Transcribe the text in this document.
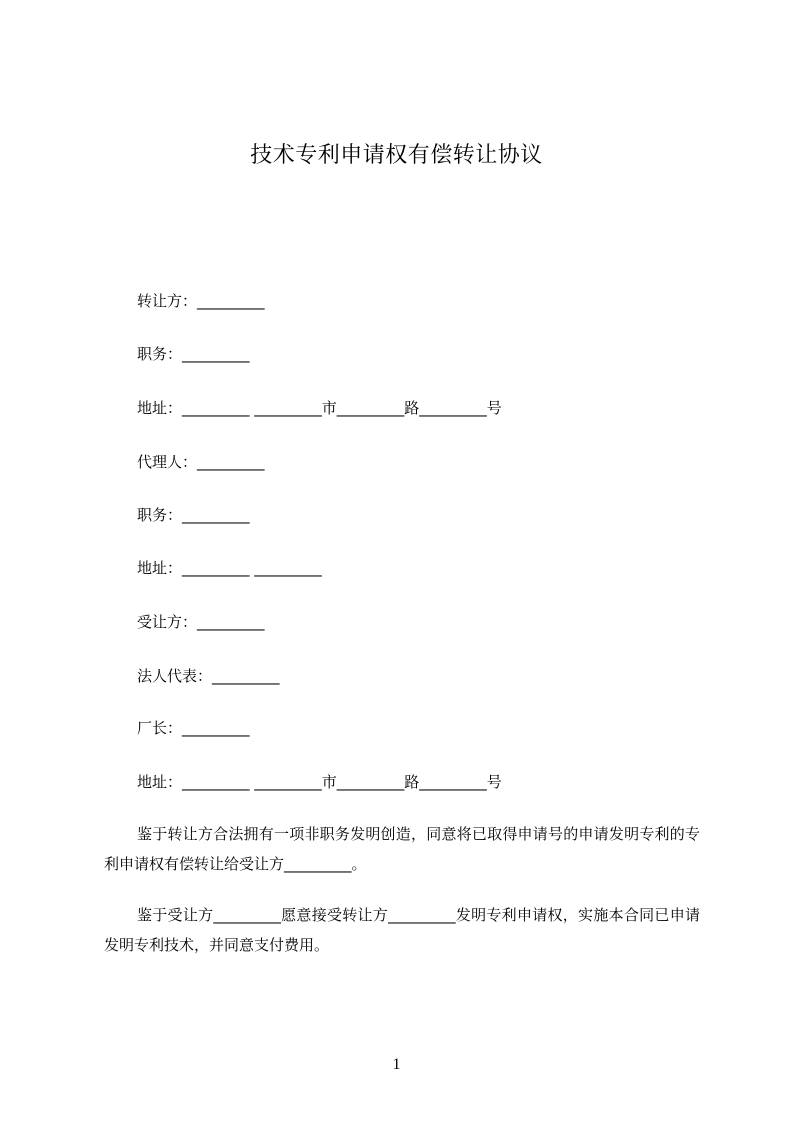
技术专利申请权有偿转让协议
转让方：_________
职务：_________
地址：_________ _________市_________路_________号
代理人：_________
职务：_________
地址：_________ _________
受让方：_________
法人代表：_________
厂长：_________
地址：_________ _________市_________路_________号
鉴于转让方合法拥有一项非职务发明创造，同意将已取得申请号的申请发明专利的专利申请权有偿转让给受让方_________。
鉴于受让方_________愿意接受转让方_________发明专利申请权，实施本合同已申请发明专利技术，并同意支付费用。
1
